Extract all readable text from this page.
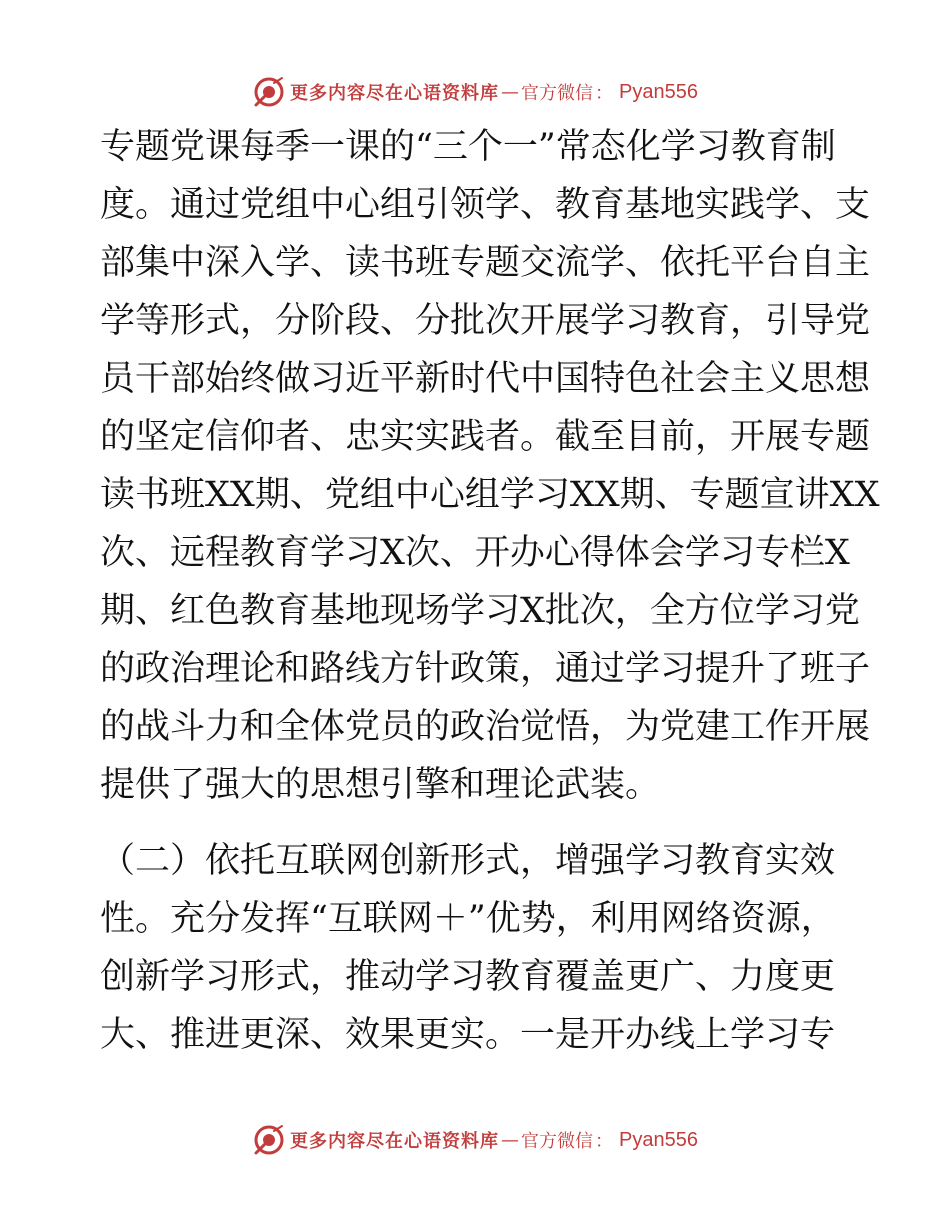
更多内容尽在心语资料库 — 官方微信 ： Pyan556
专题党课每季一课的“三个一”常态化学习教育制
度。通过党组中心组引领学、教育基地实践学、支
部集中深入学、读书班专题交流学、依托平台自主
学等形式，分阶段、分批次开展学习教育，引导党
员干部始终做习近平新时代中国特色社会主义思想
的坚定信仰者、忠实实践者。截至目前，开展专题
读书班XX期、党组中心组学习XX期、专题宣讲XX
次、远程教育学习X次、开办心得体会学习专栏X
期、红色教育基地现场学习X批次，全方位学习党
的政治理论和路线方针政策，通过学习提升了班子
的战斗力和全体党员的政治觉悟，为党建工作开展
提供了强大的思想引擎和理论武装。
（二）依托互联网创新形式，增强学习教育实效
性。充分发挥“互联网＋”优势，利用网络资源，
创新学习形式，推动学习教育覆盖更广、力度更
大、推进更深、效果更实。一是开办线上学习专
更多内容尽在心语资料库 — 官方微信 ： Pyan556
